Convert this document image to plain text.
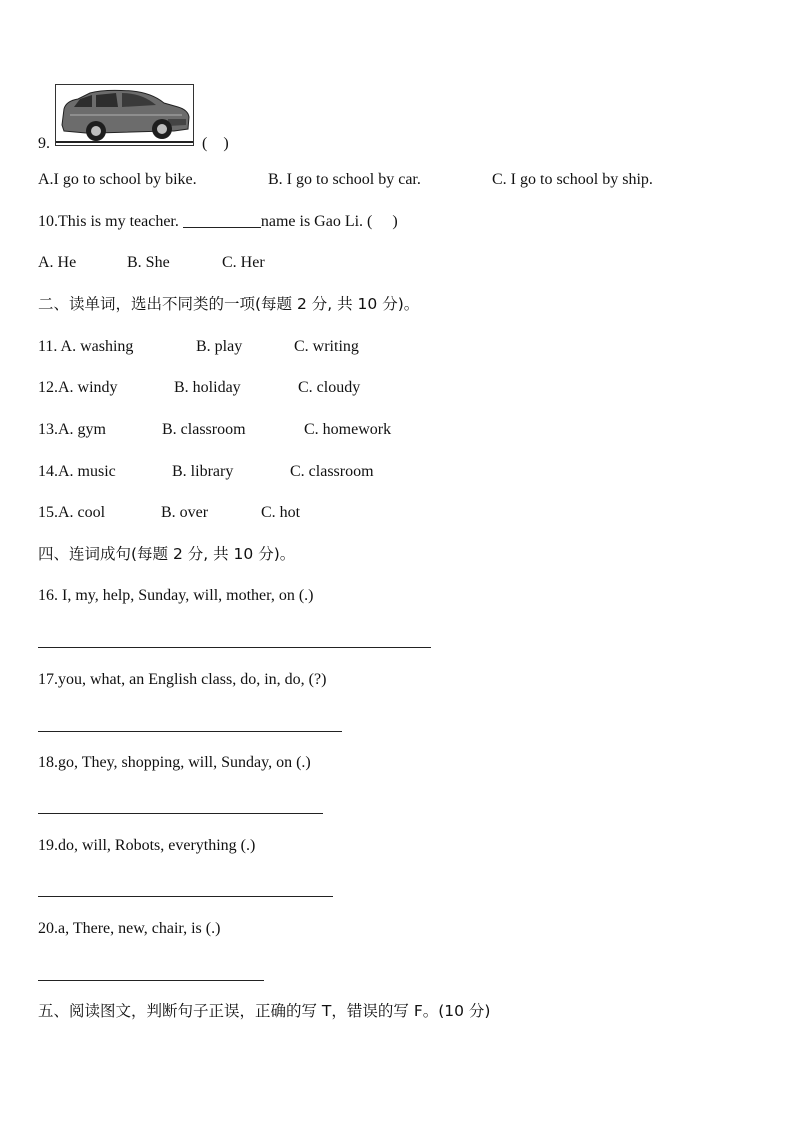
9.	(    )
A.I go to school by bike.	B. I go to school by car.	C. I go to school by ship.
10.This is my teacher.	name is Gao Li. (     )
A. He	B. She	C. Her
二、读单词，选出不同类的一项(每题 2 分, 共 10 分)。
11. A. washing	B. play	C. writing
12.A. windy	B. holiday	C. cloudy
13.A. gym	B. classroom	C. homework
14.A. music	B. library	C. classroom
15.A. cool	B. over	C. hot
四、连词成句(每题 2 分, 共 10 分)。
16. I, my, help, Sunday, will, mother, on (.)
17.you, what, an English class, do, in, do, (?)
18.go, They, shopping, will, Sunday, on (.)
19.do, will, Robots, everything (.)
20.a, There, new, chair, is (.)
五、阅读图文，判断句子正误，正确的写 T，错误的写 F。(10 分)
